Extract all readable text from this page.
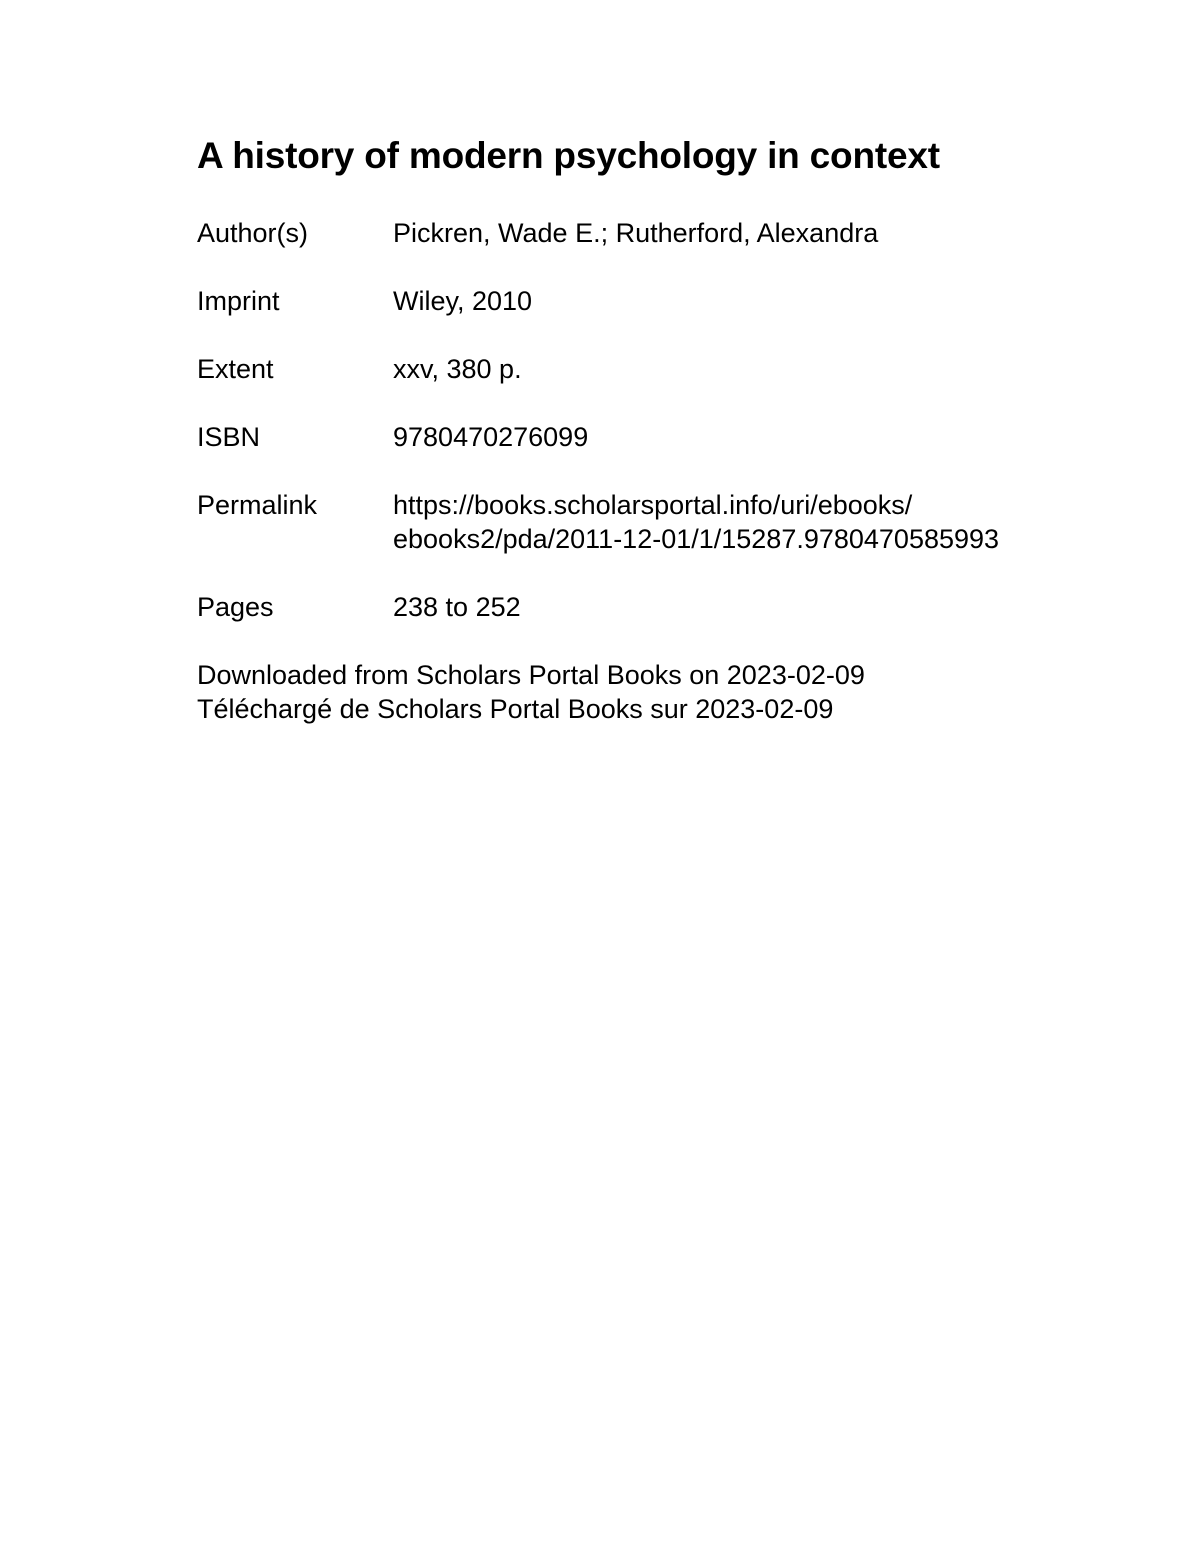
A history of modern psychology in context
Author(s)	Pickren, Wade E.; Rutherford, Alexandra
Imprint	Wiley, 2010
Extent	xxv, 380 p.
ISBN	9780470276099
Permalink	https://books.scholarsportal.info/uri/ebooks/
ebooks2/pda/2011-12-01/1/15287.9780470585993
Pages	238 to 252
Downloaded from Scholars Portal Books on 2023-02-09
Téléchargé de Scholars Portal Books sur 2023-02-09
